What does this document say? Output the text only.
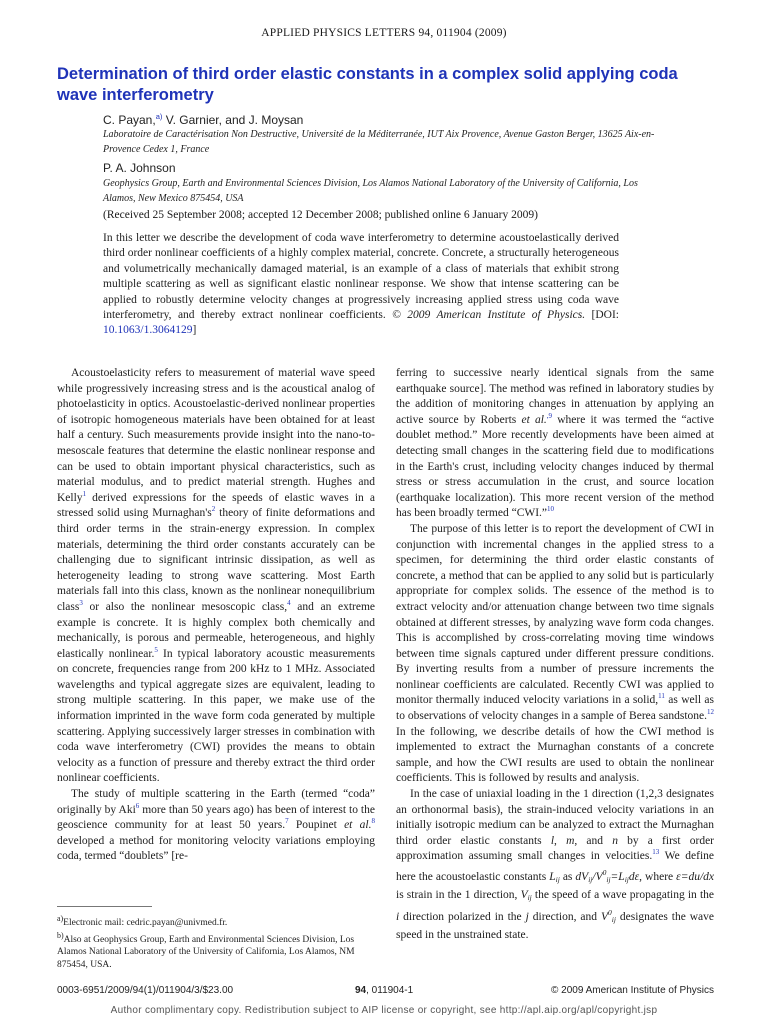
APPLIED PHYSICS LETTERS 94, 011904 (2009)
Determination of third order elastic constants in a complex solid applying coda wave interferometry
C. Payan,$^{a)}$ V. Garnier, and J. Moysan
Laboratoire de Caractérisation Non Destructive, Université de la Méditerranée, IUT Aix Provence, Avenue Gaston Berger, 13625 Aix-en-Provence Cedex 1, France
P. A. Johnson
Geophysics Group, Earth and Environmental Sciences Division, Los Alamos National Laboratory of the University of California, Los Alamos, New Mexico 875454, USA
(Received 25 September 2008; accepted 12 December 2008; published online 6 January 2009)
In this letter we describe the development of coda wave interferometry to determine acoustoelastically derived third order nonlinear coefficients of a highly complex material, concrete. Concrete, a structurally heterogeneous and volumetrically mechanically damaged material, is an example of a class of materials that exhibit strong multiple scattering as well as significant elastic nonlinear response. We show that intense scattering can be applied to robustly determine velocity changes at progressively increasing applied stress using coda wave interferometry, and thereby extract nonlinear coefficients. © 2009 American Institute of Physics. [DOI: 10.1063/1.3064129]

Acoustoelasticity refers to measurement of material wave speed while progressively increasing stress and is the acoustical analog of photoelasticity in optics. Acoustoelastic-derived nonlinear properties of isotropic homogeneous materials have been obtained for at least half a century. Such measurements provide insight into the nano-to-mesoscale features that determine the elastic nonlinear response and can be used to obtain important physical characteristics, such as material modulus, and to predict material strength. Hughes and Kelly$^1$ derived expressions for the speeds of elastic waves in a stressed solid using $Murnaghan's^2$ theory of finite deformations and third order terms in the strain-energy expression. In complex materials, determining the third order constants accurately can be challenging due to significant intrinsic dissipation, as well as heterogeneity leading to strong wave scattering. Most Earth materials fall into this class, known as the nonlinear nonequilibrium class$^3$ or also the nonlinear mesoscopic class,$^4$ and an extreme example is concrete. It is highly complex both chemically and mechanically, is porous and permeable, heterogeneous, and highly elastically nonlinear.$^5$ In typical laboratory acoustic measurements on concrete, frequencies range from 200 kHz to 1 MHz. Associated wavelengths and typical aggregate sizes are equivalent, leading to strong multiple scattering. In this paper, we make use of the information imprinted in the wave form coda generated by multiple scattering. Applying successively larger stresses in combination with coda wave interferometry (CWI) provides the means to obtain velocity as a function of pressure and thereby extract the third order nonlinear coefficients.

The study of multiple scattering in the Earth (termed “coda” originally by Aki$^6$ more than 50 years ago) has been of interest to the geoscience community for at least 50 years.$^7$ Poupinet et al.$^8$ developed a method for monitoring velocity variations employing coda, termed “doublets” [re-

ferring to successive nearly identical signals from the same earthquake source]. The method was refined in laboratory studies by the addition of monitoring changes in attenuation by applying an active source by Roberts et al.$^{,9}$ where it was termed the “active doublet method.” More recently developments have been aimed at detecting small changes in the scattering field due to modifications in the Earth's crust, including velocity changes induced by thermal stress or stress accumulation in the crust, and source location (earthquake localization). This more recent version of the method has been broadly termed “CWI.”$^{10}$

The purpose of this letter is to report the development of CWI in conjunction with incremental changes in the applied stress to a specimen, for determining the third order elastic constants of concrete, a method that can be applied to any solid but is particularly appropriate for complex solids. The essence of the method is to extract velocity and/or attenuation change between two time signals obtained at different stresses, by analyzing wave form coda changes. This is accomplished by cross-correlating moving time windows between time signals captured under different pressure conditions. By inverting results from a number of pressure increments the nonlinear coefficients are calculated. Recently CWI was applied to monitor thermally induced velocity variations in a solid,$^{11}$ as well as to observations of velocity changes in a sample of Berea sandstone.$^{12}$ In the following, we describe details of how the CWI method is implemented to extract the Murnaghan constants of a concrete sample, and how the CWI results are used to obtain the nonlinear coefficients. This is followed by results and analysis.

In the case of uniaxial loading in the 1 direction (1,2,3 designates an orthonormal basis), the strain-induced velocity variations in an initially isotropic medium can be analyzed to extract the Murnaghan third order elastic constants l, m, and n by a first order approximation assuming small changes in velocities.$^{13}$ We define here the acoustoelastic constants $L_{ij}$ as $dV_{ij}/V^0_{ij}=L_{ij}d\varepsilon$, where ε=du/dx is strain in the 1 direction, $V_{ij}$ the speed of a wave propagating in the i direction polarized in the j direction, and $V^0_{ij}$ designates the wave speed in the unstrained state.

$^{a)}$Electronic mail: cedric.payan@univmed.fr.
$^{b)}$Also at Geophysics Group, Earth and Environmental Sciences Division, Los Alamos National Laboratory of the University of California, Los Alamos, NM 875454, USA.
0003-6951/2009/94(1)/011904/3/$23.00	94, 011904-1	© 2009 American Institute of Physics
Author complimentary copy. Redistribution subject to AIP license or copyright, see http://apl.aip.org/apl/copyright.jsp
